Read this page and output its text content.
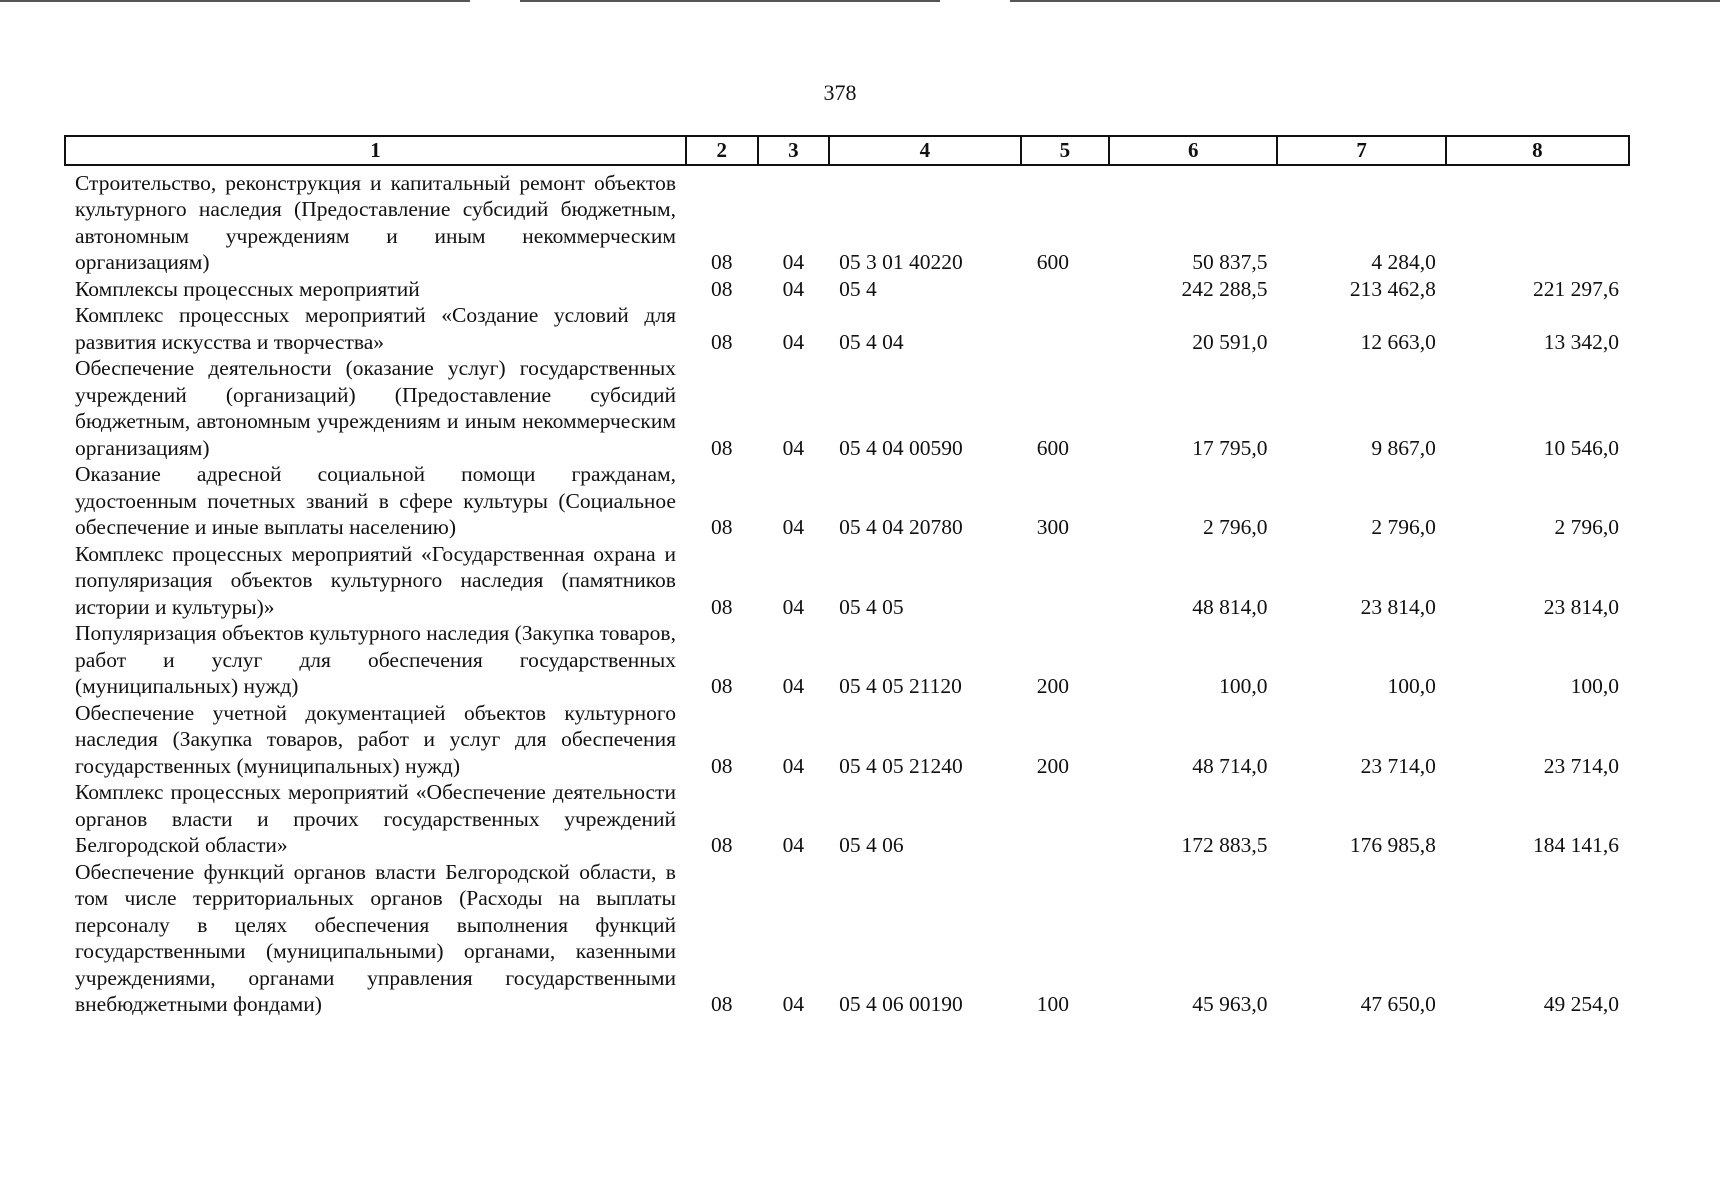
378
1	2	3	4	5	6	7	8

Строительство, реконструкция и капитальный ремонт объектов культурного наследия (Предоставление субсидий бюджетным, автономным учреждениям и иным некоммерческим организациям)	08	04	05 3 01 40220	600	50 837,5	4 284,0	
Комплексы процессных мероприятий	08	04	05 4		242 288,5	213 462,8	221 297,6
Комплекс процессных мероприятий «Создание условий для развития искусства и творчества»	08	04	05 4 04		20 591,0	12 663,0	13 342,0
Обеспечение деятельности (оказание услуг) государственных учреждений (организаций) (Предоставление субсидий бюджетным, автономным учреждениям и иным некоммерческим организациям)	08	04	05 4 04 00590	600	17 795,0	9 867,0	10 546,0
Оказание адресной социальной помощи гражданам, удостоенным почетных званий в сфере культуры (Социальное обеспечение и иные выплаты населению)	08	04	05 4 04 20780	300	2 796,0	2 796,0	2 796,0
Комплекс процессных мероприятий «Государственная охрана и популяризация объектов культурного наследия (памятников истории и культуры)»	08	04	05 4 05		48 814,0	23 814,0	23 814,0
Популяризация объектов культурного наследия (Закупка товаров, работ и услуг для обеспечения государственных (муниципальных) нужд)	08	04	05 4 05 21120	200	100,0	100,0	100,0
Обеспечение учетной документацией объектов культурного наследия (Закупка товаров, работ и услуг для обеспечения государственных (муниципальных) нужд)	08	04	05 4 05 21240	200	48 714,0	23 714,0	23 714,0
Комплекс процессных мероприятий «Обеспечение деятельности органов власти и прочих государственных учреждений Белгородской области»	08	04	05 4 06		172 883,5	176 985,8	184 141,6
Обеспечение функций органов власти Белгородской области, в том числе территориальных органов (Расходы на выплаты персоналу в целях обеспечения выполнения функций государственными (муниципальными) органами, казенными учреждениями, органами управления государственными внебюджетными фондами)	08	04	05 4 06 00190	100	45 963,0	47 650,0	49 254,0
